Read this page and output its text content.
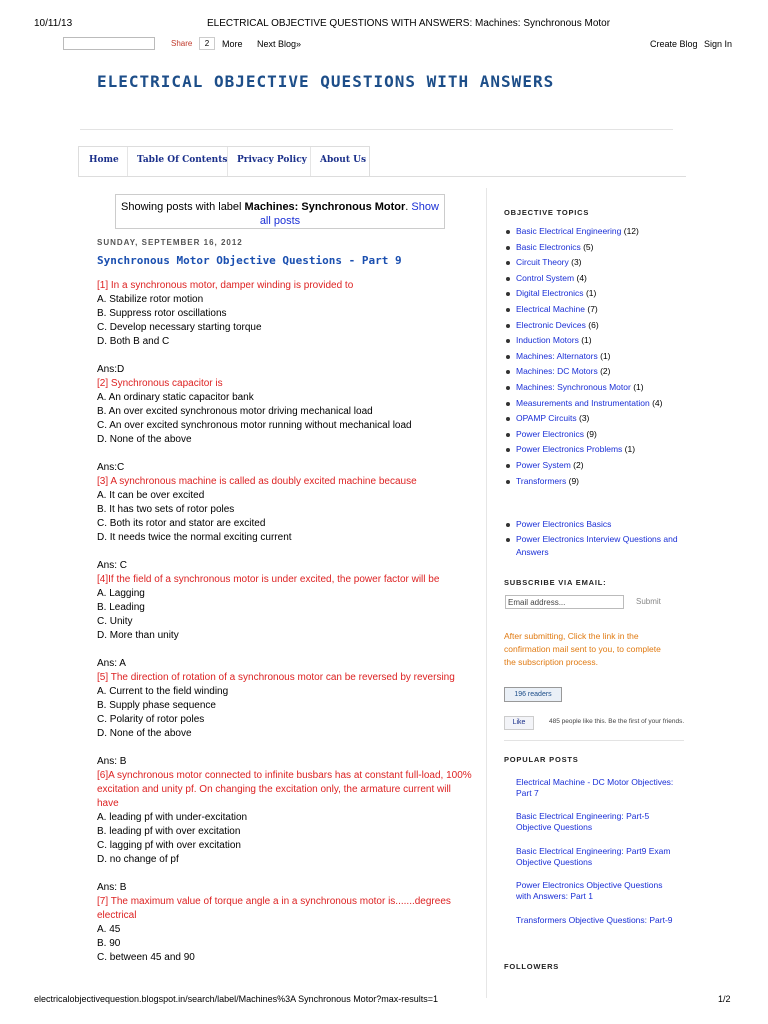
10/11/13	ELECTRICAL OBJECTIVE QUESTIONS WITH ANSWERS: Machines: Synchronous Motor
Share	2	More Next Blog»	Create Blog Sign In
ELECTRICAL OBJECTIVE QUESTIONS WITH ANSWERS
Home Table Of Contents Privacy Policy About Us
Showing posts with label Machines: Synchronous Motor. Show all posts
SUNDAY, SEPTEMBER 16, 2012
Synchronous Motor Objective Questions - Part 9
[1] In a synchronous motor, damper winding is provided to
A. Stabilize rotor motion
B. Suppress rotor oscillations
C. Develop necessary starting torque
D. Both B and C
Ans:D
[2] Synchronous capacitor is
A. An ordinary static capacitor bank
B. An over excited synchronous motor driving mechanical load
C. An over excited synchronous motor running without mechanical load
D. None of the above
Ans:C
[3] A synchronous machine is called as doubly excited machine because
A. It can be over excited
B. It has two sets of rotor poles
C. Both its rotor and stator are excited
D. It needs twice the normal exciting current
Ans: C
[4]If the field of a synchronous motor is under excited, the power factor will be
A. Lagging
B. Leading
C. Unity
D. More than unity
Ans: A
[5] The direction of rotation of a synchronous motor can be reversed by reversing
A. Current to the field winding
B. Supply phase sequence
C. Polarity of rotor poles
D. None of the above
Ans: B
[6]A synchronous motor connected to infinite busbars has at constant full-load, 100% excitation and unity pf. On changing the excitation only, the armature current will have
A. leading pf with under-excitation
B. leading pf with over excitation
C. lagging pf with over excitation
D. no change of pf
Ans: B
[7] The maximum value of torque angle a in a synchronous motor is.......degrees electrical
A. 45
B. 90
C. between 45 and 90
OBJECTIVE TOPICS
Basic Electrical Engineering (12)
Basic Electronics (5)
Circuit Theory (3)
Control System (4)
Digital Electronics (1)
Electrical Machine (7)
Electronic Devices (6)
Induction Motors (1)
Machines: Alternators (1)
Machines: DC Motors (2)
Machines: Synchronous Motor (1)
Measurements and Instrumentation (4)
OPAMP Circuits (3)
Power Electronics (9)
Power Electronics Problems (1)
Power System (2)
Transformers (9)
Power Electronics Basics
Power Electronics Interview Questions and Answers
SUBSCRIBE VIA EMAIL:
Email address...	Submit
After submitting, Click the link in the confirmation mail sent to you, to complete the subscription process.
196 readers
Like	485 people like this. Be the first of your friends.
POPULAR POSTS
Electrical Machine - DC Motor Objectives: Part 7
Basic Electrical Engineering: Part-5 Objective Questions
Basic Electrical Engineering: Part9 Exam Objective Questions
Power Electronics Objective Questions with Answers: Part 1
Transformers Objective Questions: Part-9
FOLLOWERS
electricalobjectivequestion.blogspot.in/search/label/Machines%3A Synchronous Motor?max-results=1	1/2
